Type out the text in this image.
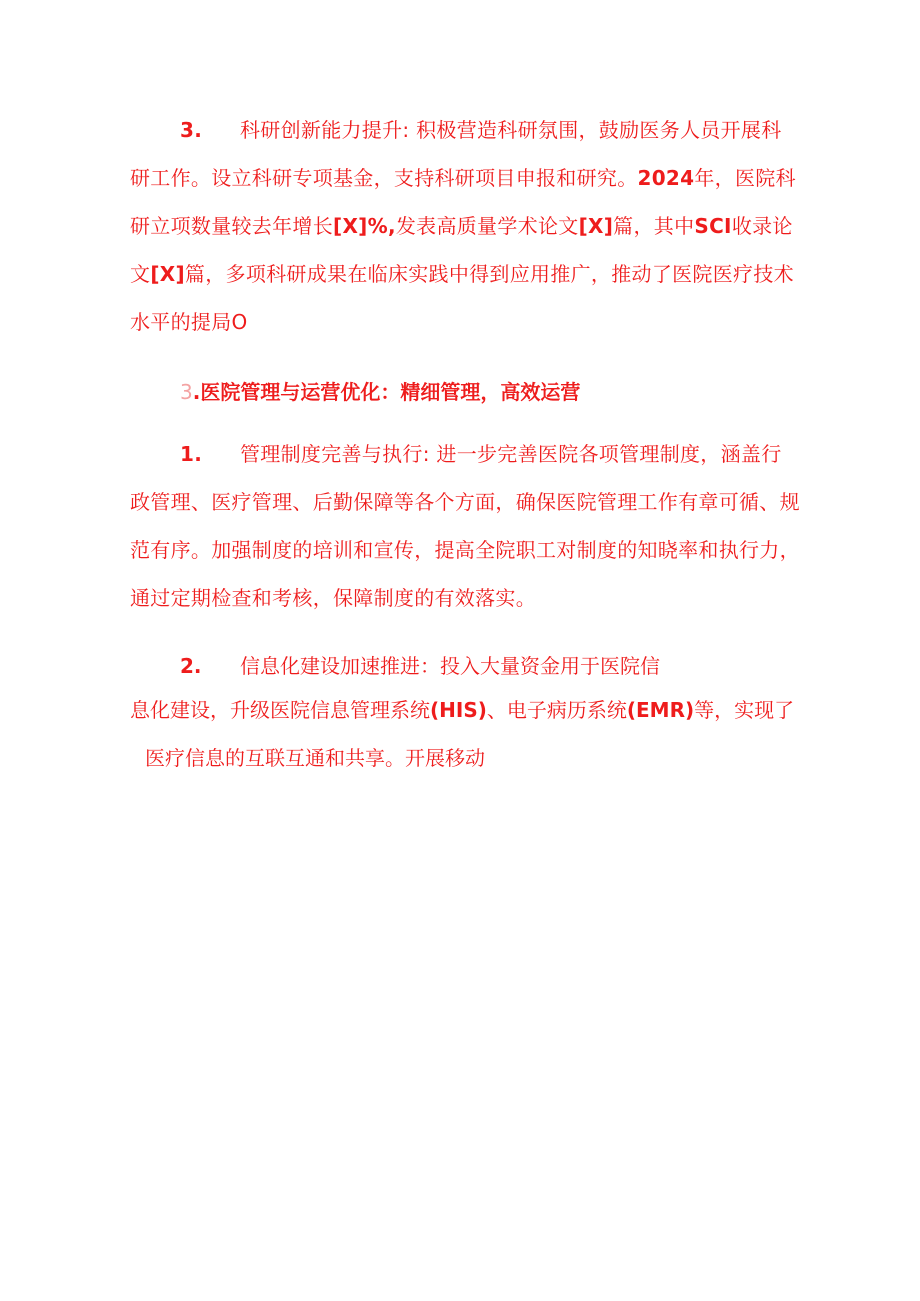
3. 科研创新能力提升: 积极营造科研氛围，鼓励医务人员开展科研工作。设立科研专项基金，支持科研项目申报和研究。2024年，医院科研立项数量较去年增长[X]%,发表高质量学术论文[X]篇，其中SCI收录论文[X]篇，多项科研成果在临床实践中得到应用推广，推动了医院医疗技术水平的提局O

3.医院管理与运营优化：精细管理，高效运营

1. 管理制度完善与执行: 进一步完善医院各项管理制度，涵盖行政管理、医疗管理、后勤保障等各个方面，确保医院管理工作有章可循、规范有序。加强制度的培训和宣传，提高全院职工对制度的知晓率和执行力，通过定期检查和考核，保障制度的有效落实。

2. 信息化建设加速推进：投入大量资金用于医院信

息化建设，升级医院信息管理系统(HIS)、电子病历系统(EMR)等，实现了

医疗信息的互联互通和共享。开展移动
